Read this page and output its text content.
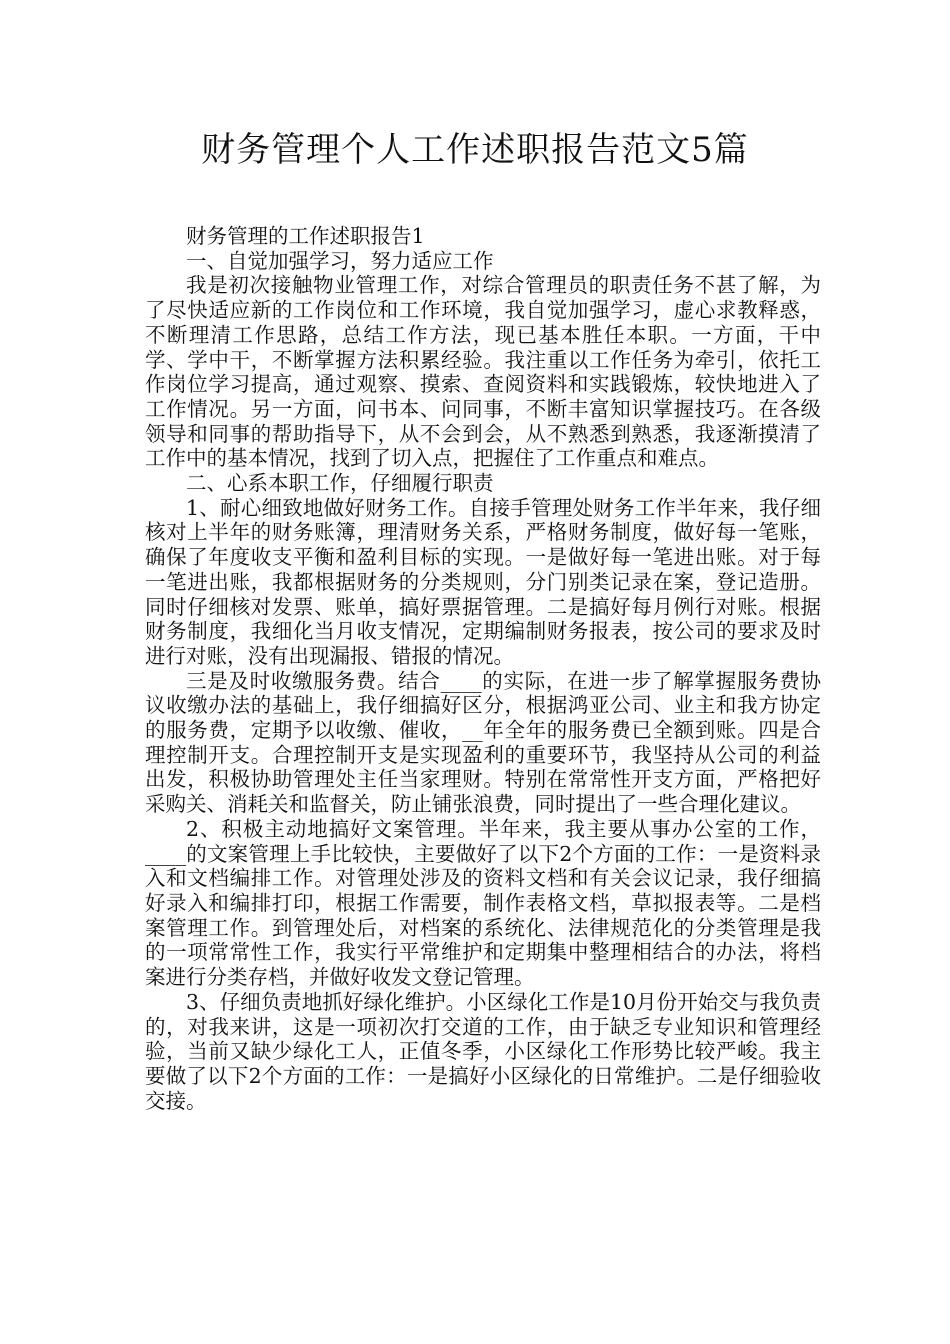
财务管理个人工作述职报告范文5篇

财务管理的工作述职报告1

一、自觉加强学习，努力适应工作

我是初次接触物业管理工作，对综合管理员的职责任务不甚了解，为了尽快适应新的工作岗位和工作环境，我自觉加强学习，虚心求教释惑，不断理清工作思路，总结工作方法，现已基本胜任本职。一方面，干中学、学中干，不断掌握方法积累经验。我注重以工作任务为牵引，依托工作岗位学习提高，通过观察、摸索、查阅资料和实践锻炼，较快地进入了工作情况。另一方面，问书本、问同事，不断丰富知识掌握技巧。在各级领导和同事的帮助指导下，从不会到会，从不熟悉到熟悉，我逐渐摸清了工作中的基本情况，找到了切入点，把握住了工作重点和难点。

二、心系本职工作，仔细履行职责

1、耐心细致地做好财务工作。自接手管理处财务工作半年来，我仔细核对上半年的财务账簿，理清财务关系，严格财务制度，做好每一笔账，确保了年度收支平衡和盈利目标的实现。一是做好每一笔进出账。对于每一笔进出账，我都根据财务的分类规则，分门别类记录在案，登记造册。同时仔细核对发票、账单，搞好票据管理。二是搞好每月例行对账。根据财务制度，我细化当月收支情况，定期编制财务报表，按公司的要求及时进行对账，没有出现漏报、错报的情况。

三是及时收缴服务费。结合____的实际，在进一步了解掌握服务费协议收缴办法的基础上，我仔细搞好区分，根据鸿亚公司、业主和我方协定的服务费，定期予以收缴、催收，__年全年的服务费已全额到账。四是合理控制开支。合理控制开支是实现盈利的重要环节，我坚持从公司的利益出发，积极协助管理处主任当家理财。特别在常常性开支方面，严格把好采购关、消耗关和监督关，防止铺张浪费，同时提出了一些合理化建议。

2、积极主动地搞好文案管理。半年来，我主要从事办公室的工作，____的文案管理上手比较快，主要做好了以下2个方面的工作：一是资料录入和文档编排工作。对管理处涉及的资料文档和有关会议记录，我仔细搞好录入和编排打印，根据工作需要，制作表格文档，草拟报表等。二是档案管理工作。到管理处后，对档案的系统化、法律规范化的分类管理是我的一项常常性工作，我实行平常维护和定期集中整理相结合的办法，将档案进行分类存档，并做好收发文登记管理。

3、仔细负责地抓好绿化维护。小区绿化工作是10月份开始交与我负责的，对我来讲，这是一项初次打交道的工作，由于缺乏专业知识和管理经验，当前又缺少绿化工人，正值冬季，小区绿化工作形势比较严峻。我主要做了以下2个方面的工作：一是搞好小区绿化的日常维护。二是仔细验收交接。
